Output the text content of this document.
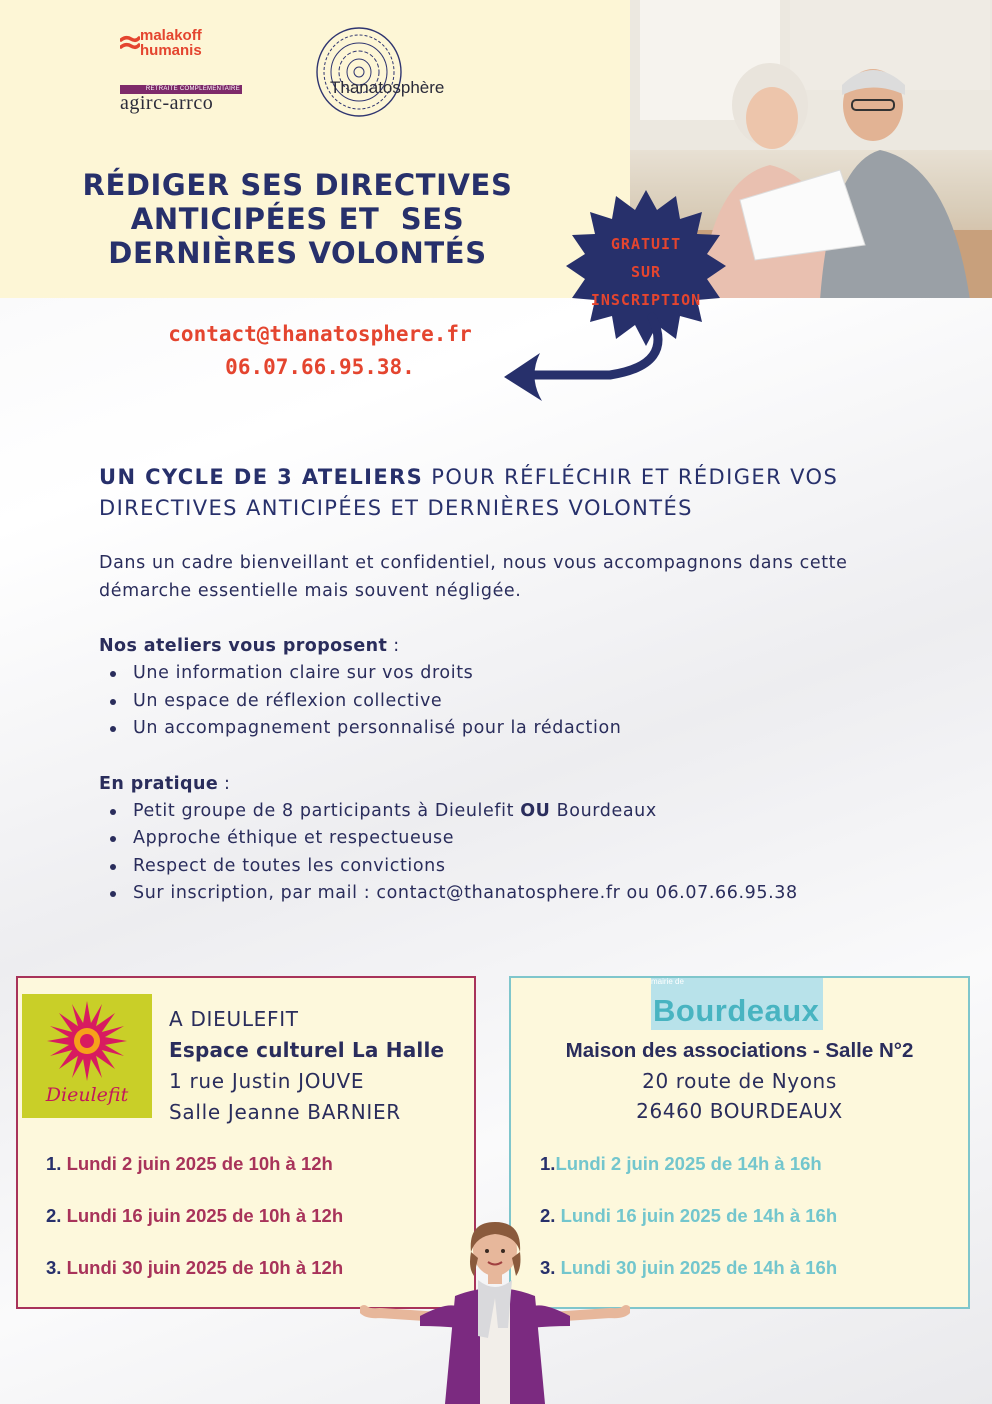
malakoff
humanis
RETRAITE COMPLÉMENTAIRE
agirc-arrco
Thanatosphère
RÉDIGER SES DIRECTIVES
ANTICIPÉES ET  SES
DERNIÈRES VOLONTÉS	GRATUIT
SUR
INSCRIPTION
contact@thanatosphere.fr
06.07.66.95.38.
UN CYCLE DE 3 ATELIERS POUR RÉFLÉCHIR ET RÉDIGER VOS DIRECTIVES ANTICIPÉES ET DERNIÈRES VOLONTÉS
Dans un cadre bienveillant et confidentiel, nous vous accompagnons dans cette démarche essentielle mais souvent négligée.
Nos ateliers vous proposent :
Une information claire sur vos droits
Un espace de réflexion collective
Un accompagnement personnalisé pour la rédaction
En pratique :
Petit groupe de 8 participants à Dieulefit OU Bourdeaux
Approche éthique et respectueuse
Respect de toutes les convictions
Sur inscription, par mail : contact@thanatosphere.fr ou 06.07.66.95.38
Dieulefit
A DIEULEFIT
Espace culturel La Halle
1 rue Justin JOUVE
Salle Jeanne BARNIER
1. Lundi 2 juin 2025 de 10h à 12h
2. Lundi 16 juin 2025 de 10h à 12h
3. Lundi 30 juin 2025 de 10h à 12h
mairie de
Bourdeaux
Maison des associations - Salle N°2
20 route de Nyons
26460 BOURDEAUX
1.Lundi 2 juin 2025 de 14h à 16h
2. Lundi 16 juin 2025 de 14h à 16h
3. Lundi 30 juin 2025 de 14h à 16h
